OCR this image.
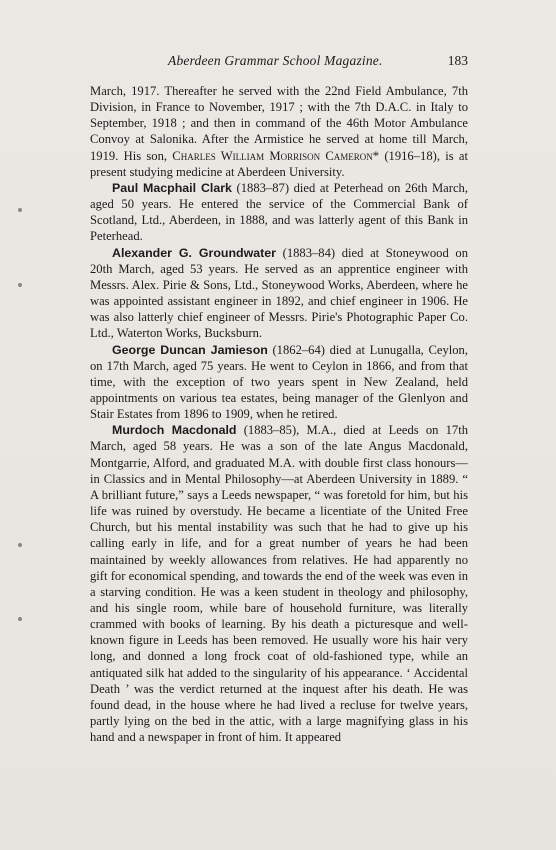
Aberdeen Grammar School Magazine.	183

March, 1917. Thereafter he served with the 22nd Field Ambulance, 7th Division, in France to November, 1917 ; with the 7th D.A.C. in Italy to September, 1918 ; and then in command of the 46th Motor Ambulance Convoy at Salonika. After the Armistice he served at home till March, 1919. His son, Charles William Morrison Cameron* (1916–18), is at present studying medicine at Aberdeen University.

Paul Macphail Clark (1883–87) died at Peterhead on 26th March, aged 50 years. He entered the service of the Commercial Bank of Scotland, Ltd., Aberdeen, in 1888, and was latterly agent of this Bank in Peterhead.

Alexander G. Groundwater (1883–84) died at Stoneywood on 20th March, aged 53 years. He served as an apprentice engineer with Messrs. Alex. Pirie & Sons, Ltd., Stoneywood Works, Aberdeen, where he was appointed assistant engineer in 1892, and chief engineer in 1906. He was also latterly chief engineer of Messrs. Pirie's Photographic Paper Co. Ltd., Waterton Works, Bucksburn.

George Duncan Jamieson (1862–64) died at Lunugalla, Ceylon, on 17th March, aged 75 years. He went to Ceylon in 1866, and from that time, with the exception of two years spent in New Zealand, held appointments on various tea estates, being manager of the Glenlyon and Stair Estates from 1896 to 1909, when he retired.

Murdoch Macdonald (1883–85), M.A., died at Leeds on 17th March, aged 58 years. He was a son of the late Angus Macdonald, Montgarrie, Alford, and graduated M.A. with double first class honours—in Classics and in Mental Philosophy—at Aberdeen University in 1889. “ A brilliant future,” says a Leeds newspaper, “ was foretold for him, but his life was ruined by overstudy. He became a licentiate of the United Free Church, but his mental instability was such that he had to give up his calling early in life, and for a great number of years he had been maintained by weekly allowances from relatives. He had apparently no gift for economical spending, and towards the end of the week was even in a starving condition. He was a keen student in theology and philosophy, and his single room, while bare of household furniture, was literally crammed with books of learning. By his death a picturesque and well-known figure in Leeds has been removed. He usually wore his hair very long, and donned a long frock coat of old-fashioned type, while an antiquated silk hat added to the singularity of his appearance. ‘ Accidental Death ’ was the verdict returned at the inquest after his death. He was found dead, in the house where he had lived a recluse for twelve years, partly lying on the bed in the attic, with a large magnifying glass in his hand and a newspaper in front of him. It appeared
